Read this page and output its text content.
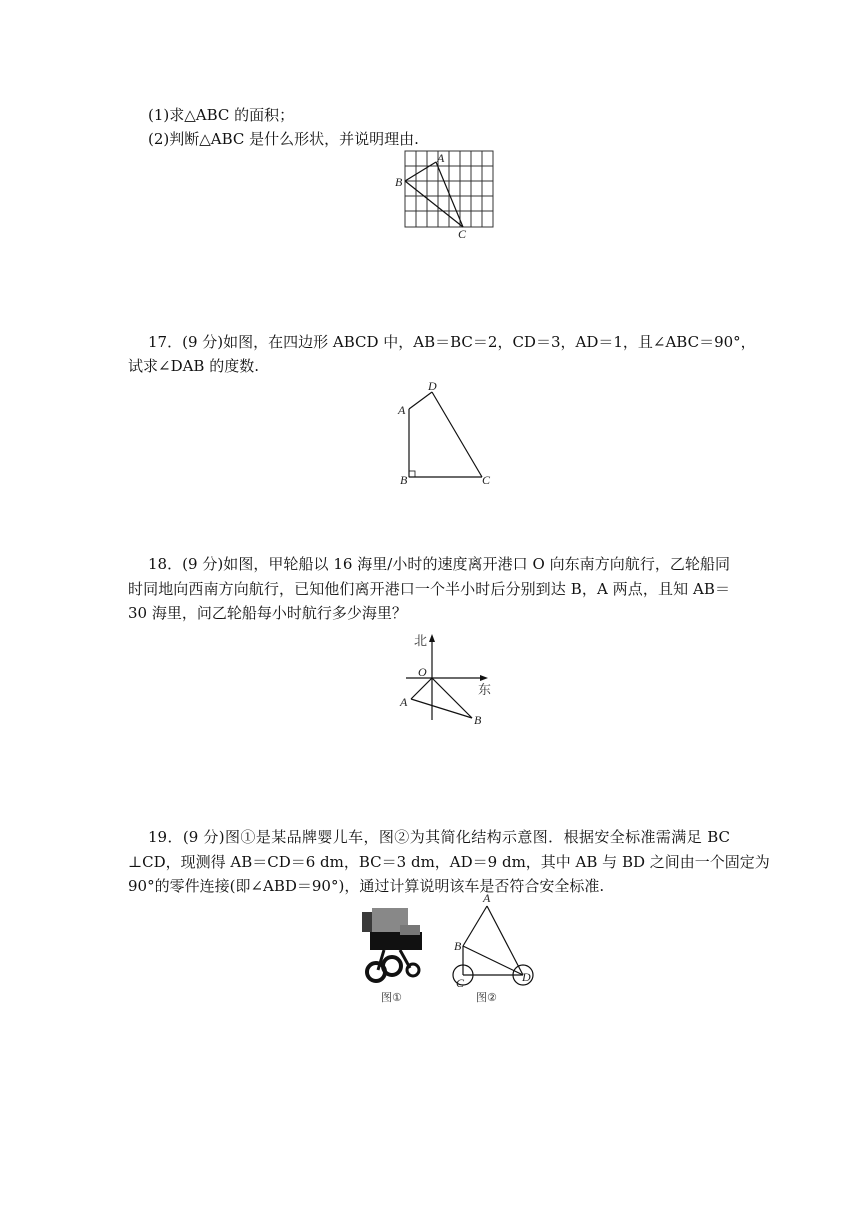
(1)求△ABC 的面积；
(2)判断△ABC 是什么形状，并说明理由.
A
B
C
17．(9 分)如图，在四边形 ABCD 中，AB＝BC＝2，CD＝3，AD＝1，且∠ABC＝90°，
试求∠DAB 的度数.
D
A
B	C
18．(9 分)如图，甲轮船以 16 海里/小时的速度离开港口 O 向东南方向航行，乙轮船同
时同地向西南方向航行，已知他们离开港口一个半小时后分别到达 B，A 两点，且知 AB＝
30 海里，问乙轮船每小时航行多少海里？
北
东
O
A
B
19．(9 分)图①是某品牌婴儿车，图②为其简化结构示意图．根据安全标准需满足 BC
⊥CD，现测得 AB＝CD＝6 dm，BC＝3 dm，AD＝9 dm，其中 AB 与 BD 之间由一个固定为
90°的零件连接(即∠ABD＝90°)，通过计算说明该车是否符合安全标准.
图①
A
B
C	D
图②
